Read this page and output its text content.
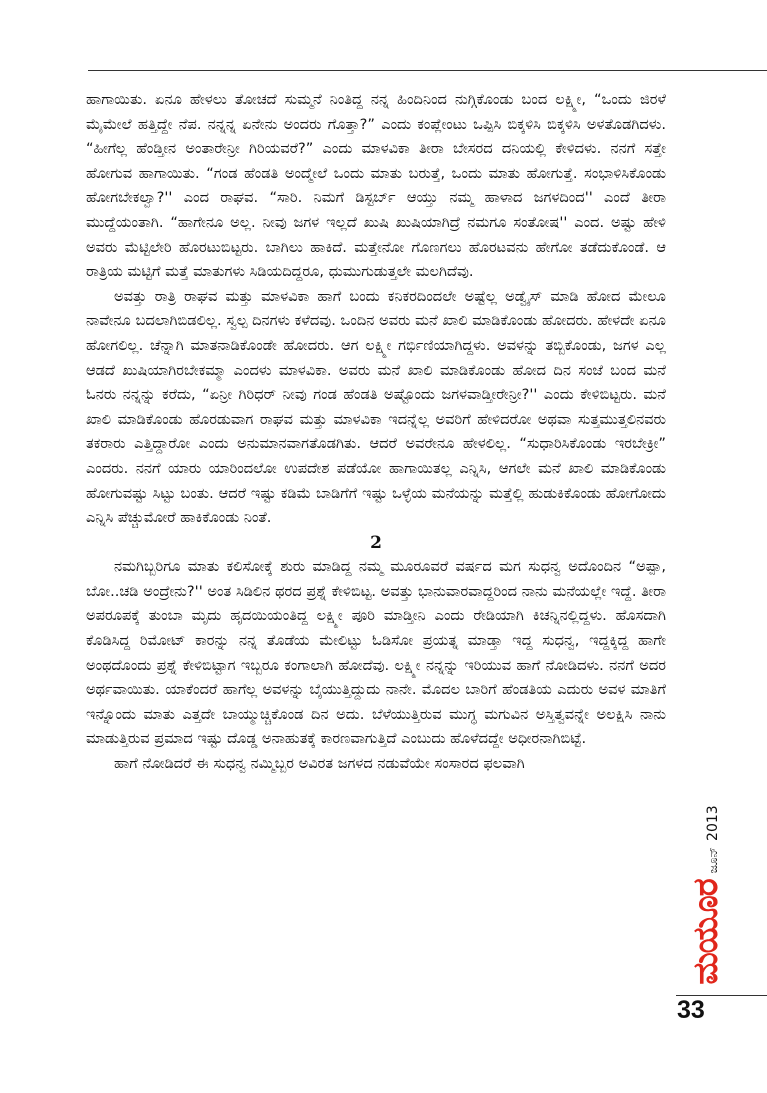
ಹಾಗಾಯಿತು. ಏನೂ ಹೇಳಲು ತೋಚದೆ ಸುಮ್ಮನೆ ನಿಂತಿದ್ದ ನನ್ನ ಹಿಂದಿನಿಂದ ನುಗ್ಗಿಕೊಂಡು ಬಂದ ಲಕ್ಷ್ಮೀ, “ಒಂದು ಜಿರಳೆ ಮೈಮೇಲೆ ಹತ್ತಿದ್ದೇ ನೆಪ. ನನ್ನನ್ನ ಏನೇನು ಅಂದರು ಗೊತ್ತಾ?” ಎಂದು ಕಂಪ್ಲೇಂಟು ಒಪ್ಪಿಸಿ ಬಿಕ್ಕಳಿಸಿ ಬಿಕ್ಕಳಿಸಿ ಅಳತೊಡಗಿದಳು. “ಹೀಗೆಲ್ಲ ಹೆಂಡ್ತೀನ ಅಂತಾರೇನ್ರೀ ಗಿರಿಯವರೆ?” ಎಂದು ಮಾಳವಿಕಾ ತೀರಾ ಬೇಸರದ ದನಿಯಲ್ಲಿ ಕೇಳಿದಳು. ನನಗೆ ಸತ್ತೇ ಹೋಗುವ ಹಾಗಾಯಿತು. “ಗಂಡ ಹೆಂಡತಿ ಅಂದ್ಮೇಲೆ ಒಂದು ಮಾತು ಬರುತ್ತೆ, ಒಂದು ಮಾತು ಹೋಗುತ್ತೆ. ಸಂಭಾಳಿಸಿಕೊಂಡು ಹೋಗಬೇಕಲ್ವಾ?'' ಎಂದ ರಾಘವ. “ಸಾರಿ. ನಿಮಗೆ ಡಿಸ್ಟರ್ಬ್ ಆಯ್ತು ನಮ್ಮ ಹಾಳಾದ ಜಗಳದಿಂದ'' ಎಂದೆ ತೀರಾ ಮುದ್ದೆಯಂತಾಗಿ. “ಹಾಗೇನೂ ಅಲ್ಲ. ನೀವು ಜಗಳ ಇಲ್ಲದೆ ಖುಷಿ ಖುಷಿಯಾಗಿದ್ರೆ ನಮಗೂ ಸಂತೋಷ'' ಎಂದ. ಅಷ್ಟು ಹೇಳಿ ಅವರು ಮೆಟ್ಟಿಲೇರಿ ಹೊರಟುಬಿಟ್ಟರು. ಬಾಗಿಲು ಹಾಕಿದೆ. ಮತ್ತೇನೋ ಗೊಣಗಲು ಹೊರಟವನು ಹೇಗೋ ತಡೆದುಕೊಂಡೆ. ಆ ರಾತ್ರಿಯ ಮಟ್ಟಿಗೆ ಮತ್ತೆ ಮಾತುಗಳು ಸಿಡಿಯದಿದ್ದರೂ, ಧುಮುಗುಡುತ್ತಲೇ ಮಲಗಿದೆವು.

ಅವತ್ತು ರಾತ್ರಿ ರಾಘವ ಮತ್ತು ಮಾಳವಿಕಾ ಹಾಗೆ ಬಂದು ಕನಿಕರದಿಂದಲೇ ಅಷ್ಟೆಲ್ಲ ಅಡ್ವೈಸ್ ಮಾಡಿ ಹೋದ ಮೇಲೂ ನಾವೇನೂ ಬದಲಾಗಿಬಿಡಲಿಲ್ಲ. ಸ್ವಲ್ಪ ದಿನಗಳು ಕಳೆದವು. ಒಂದಿನ ಅವರು ಮನೆ ಖಾಲಿ ಮಾಡಿಕೊಂಡು ಹೋದರು. ಹೇಳದೇ ಏನೂ ಹೋಗಲಿಲ್ಲ. ಚೆನ್ನಾಗಿ ಮಾತನಾಡಿಕೊಂಡೇ ಹೋದರು. ಆಗ ಲಕ್ಷ್ಮೀ ಗರ್ಭಿಣಿಯಾಗಿದ್ದಳು. ಅವಳನ್ನು ತಬ್ಬಿಕೊಂಡು, ಜಗಳ ಎಲ್ಲ ಆಡದೆ ಖುಷಿಯಾಗಿರಬೇಕಮ್ಮಾ ಎಂದಳು ಮಾಳವಿಕಾ. ಅವರು ಮನೆ ಖಾಲಿ ಮಾಡಿಕೊಂಡು ಹೋದ ದಿನ ಸಂಜೆ ಬಂದ ಮನೆ ಓನರು ನನ್ನನ್ನು ಕರೆದು, “ಏನ್ರೀ ಗಿರಿಧರ್ ನೀವು ಗಂಡ ಹೆಂಡತಿ ಅಷ್ಟೊಂದು ಜಗಳವಾಡ್ತೀರೇನ್ರೀ?'' ಎಂದು ಕೇಳಿಬಿಟ್ಟರು. ಮನೆ ಖಾಲಿ ಮಾಡಿಕೊಂಡು ಹೊರಡುವಾಗ ರಾಘವ ಮತ್ತು ಮಾಳವಿಕಾ ಇದನ್ನೆಲ್ಲ ಅವರಿಗೆ ಹೇಳಿದರೋ ಅಥವಾ ಸುತ್ತಮುತ್ತಲಿನವರು ತಕರಾರು ಎತ್ತಿದ್ದಾರೋ ಎಂದು ಅನುಮಾನವಾಗತೊಡಗಿತು. ಆದರೆ ಅವರೇನೂ ಹೇಳಲಿಲ್ಲ. “ಸುಧಾರಿಸಿಕೊಂಡು ಇರಬೇಕ್ರೀ” ಎಂದರು. ನನಗೆ ಯಾರು ಯಾರಿಂದಲೋ ಉಪದೇಶ ಪಡೆಯೋ ಹಾಗಾಯಿತಲ್ಲ ಎನ್ನಿಸಿ, ಆಗಲೇ ಮನೆ ಖಾಲಿ ಮಾಡಿಕೊಂಡು ಹೋಗುವಷ್ಟು ಸಿಟ್ಟು ಬಂತು. ಆದರೆ ಇಷ್ಟು ಕಡಿಮೆ ಬಾಡಿಗೆಗೆ ಇಷ್ಟು ಒಳ್ಳೆಯ ಮನೆಯನ್ನು ಮತ್ತೆಲ್ಲಿ ಹುಡುಕಿಕೊಂಡು ಹೋಗೋದು ಎನ್ನಿಸಿ ಪೆಚ್ಚುಮೋರೆ ಹಾಕಿಕೊಂಡು ನಿಂತೆ.

2

ನಮಗಿಬ್ಬರಿಗೂ ಮಾತು ಕಲಿಸೋಕ್ಕೆ ಶುರು ಮಾಡಿದ್ದ ನಮ್ಮ ಮೂರೂವರೆ ವರ್ಷದ ಮಗ ಸುಧನ್ವ ಅದೊಂದಿನ “ಅಪ್ಪಾ, ಬೋ..ಚಡಿ ಅಂದ್ರೇನು?'' ಅಂತ ಸಿಡಿಲಿನ ಥರದ ಪ್ರಶ್ನೆ ಕೇಳಿಬಿಟ್ಟ. ಅವತ್ತು ಭಾನುವಾರವಾದ್ದರಿಂದ ನಾನು ಮನೆಯಲ್ಲೇ ಇದ್ದೆ. ತೀರಾ ಅಪರೂಪಕ್ಕೆ ತುಂಬಾ ಮೃದು ಹೃದಯಿಯಂತಿದ್ದ ಲಕ್ಷ್ಮೀ ಪೂರಿ ಮಾಡ್ತೀನಿ ಎಂದು ರೇಡಿಯಾಗಿ ಕಿಚನ್ನಿನಲ್ಲಿದ್ದಳು. ಹೊಸದಾಗಿ ಕೊಡಿಸಿದ್ದ ರಿಮೋಟ್ ಕಾರನ್ನು ನನ್ನ ತೊಡೆಯ ಮೇಲಿಟ್ಟು ಓಡಿಸೋ ಪ್ರಯತ್ನ ಮಾಡ್ತಾ ಇದ್ದ ಸುಧನ್ವ, ಇದ್ದಕ್ಕಿದ್ದ ಹಾಗೇ ಅಂಥದೊಂದು ಪ್ರಶ್ನೆ ಕೇಳಿಬಿಟ್ಟಾಗ ಇಬ್ಬರೂ ಕಂಗಾಲಾಗಿ ಹೋದೆವು. ಲಕ್ಷ್ಮೀ ನನ್ನನ್ನು ಇರಿಯುವ ಹಾಗೆ ನೋಡಿದಳು. ನನಗೆ ಅದರ ಅರ್ಥವಾಯಿತು. ಯಾಕೆಂದರೆ ಹಾಗೆಲ್ಲ ಅವಳನ್ನು ಬೈಯುತ್ತಿದ್ದುದು ನಾನೇ. ಮೊದಲ ಬಾರಿಗೆ ಹೆಂಡತಿಯ ಎದುರು ಅವಳ ಮಾತಿಗೆ ಇನ್ನೊಂದು ಮಾತು ಎತ್ತದೇ ಬಾಯ್ಮುಚ್ಚಿಕೊಂಡ ದಿನ ಅದು. ಬೆಳೆಯುತ್ತಿರುವ ಮುಗ್ಧ ಮಗುವಿನ ಅಸ್ತಿತ್ವವನ್ನೇ ಅಲಕ್ಷಿಸಿ ನಾನು ಮಾಡುತ್ತಿರುವ ಪ್ರಮಾದ ಇಷ್ಟು ದೊಡ್ಡ ಅನಾಹುತಕ್ಕೆ ಕಾರಣವಾಗುತ್ತಿದೆ ಎಂಬುದು ಹೊಳೆದದ್ದೇ ಅಧೀರನಾಗಿಬಿಟ್ಟೆ.

ಹಾಗೆ ನೋಡಿದರೆ ಈ ಸುಧನ್ವ ನಮ್ಮಿಬ್ಬರ ಅವಿರತ ಜಗಳದ ನಡುವೆಯೇ ಸಂಸಾರದ ಫಲವಾಗಿ

ಮಯೂರ
ಜೂನ್
2013
33
